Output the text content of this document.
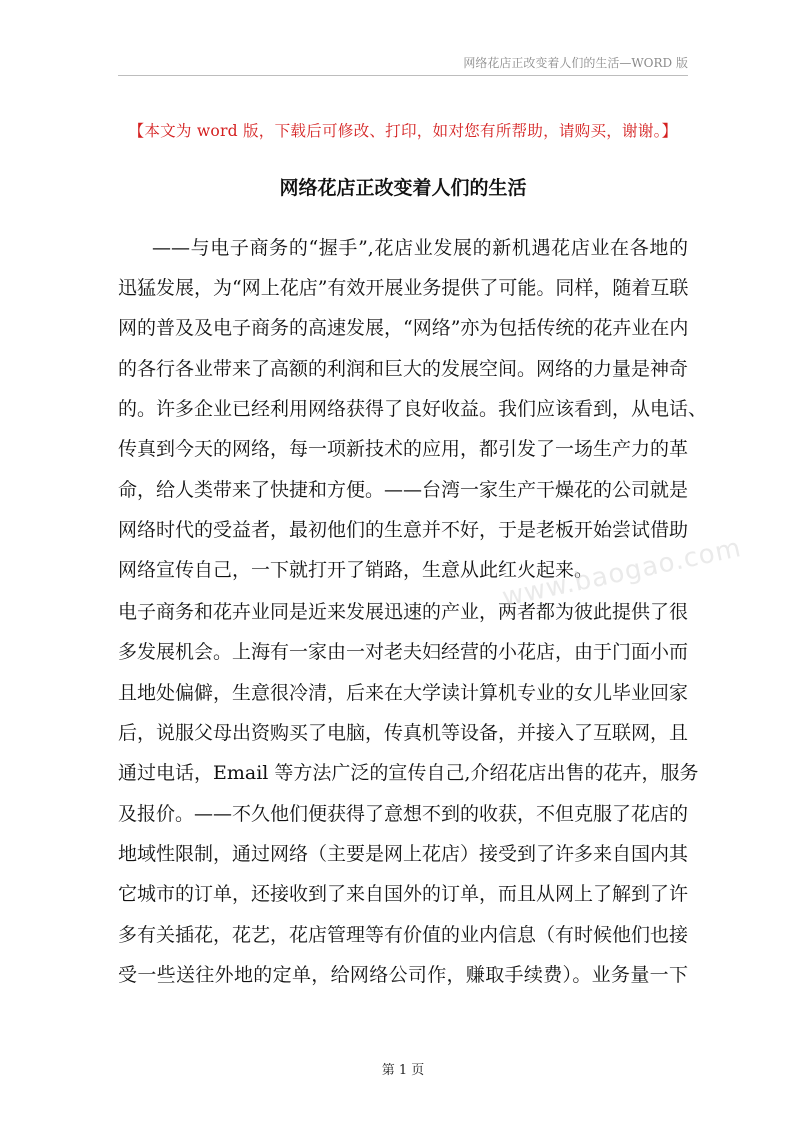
网络花店正改变着人们的生活—WORD 版
【本文为 word 版，下载后可修改、打印，如对您有所帮助，请购买，谢谢。】
网络花店正改变着人们的生活
——与电子商务的“握手”,花店业发展的新机遇花店业在各地的
迅猛发展，为“网上花店”有效开展业务提供了可能。同样，随着互联
网的普及及电子商务的高速发展，“网络”亦为包括传统的花卉业在内
的各行各业带来了高额的利润和巨大的发展空间。网络的力量是神奇
的。许多企业已经利用网络获得了良好收益。我们应该看到，从电话、
传真到今天的网络，每一项新技术的应用，都引发了一场生产力的革
命，给人类带来了快捷和方便。——台湾一家生产干燥花的公司就是
网络时代的受益者，最初他们的生意并不好，于是老板开始尝试借助
网络宣传自己，一下就打开了销路，生意从此红火起来。
电子商务和花卉业同是近来发展迅速的产业，两者都为彼此提供了很
多发展机会。上海有一家由一对老夫妇经营的小花店，由于门面小而
且地处偏僻，生意很冷清，后来在大学读计算机专业的女儿毕业回家
后，说服父母出资购买了电脑，传真机等设备，并接入了互联网，且
通过电话，Email 等方法广泛的宣传自己,介绍花店出售的花卉，服务
及报价。——不久他们便获得了意想不到的收获，不但克服了花店的
地域性限制，通过网络（主要是网上花店）接受到了许多来自国内其
它城市的订单，还接收到了来自国外的订单，而且从网上了解到了许
多有关插花，花艺，花店管理等有价值的业内信息（有时候他们也接
受一些送往外地的定单，给网络公司作，赚取手续费）。业务量一下
www.baogao.com
第 1 页
